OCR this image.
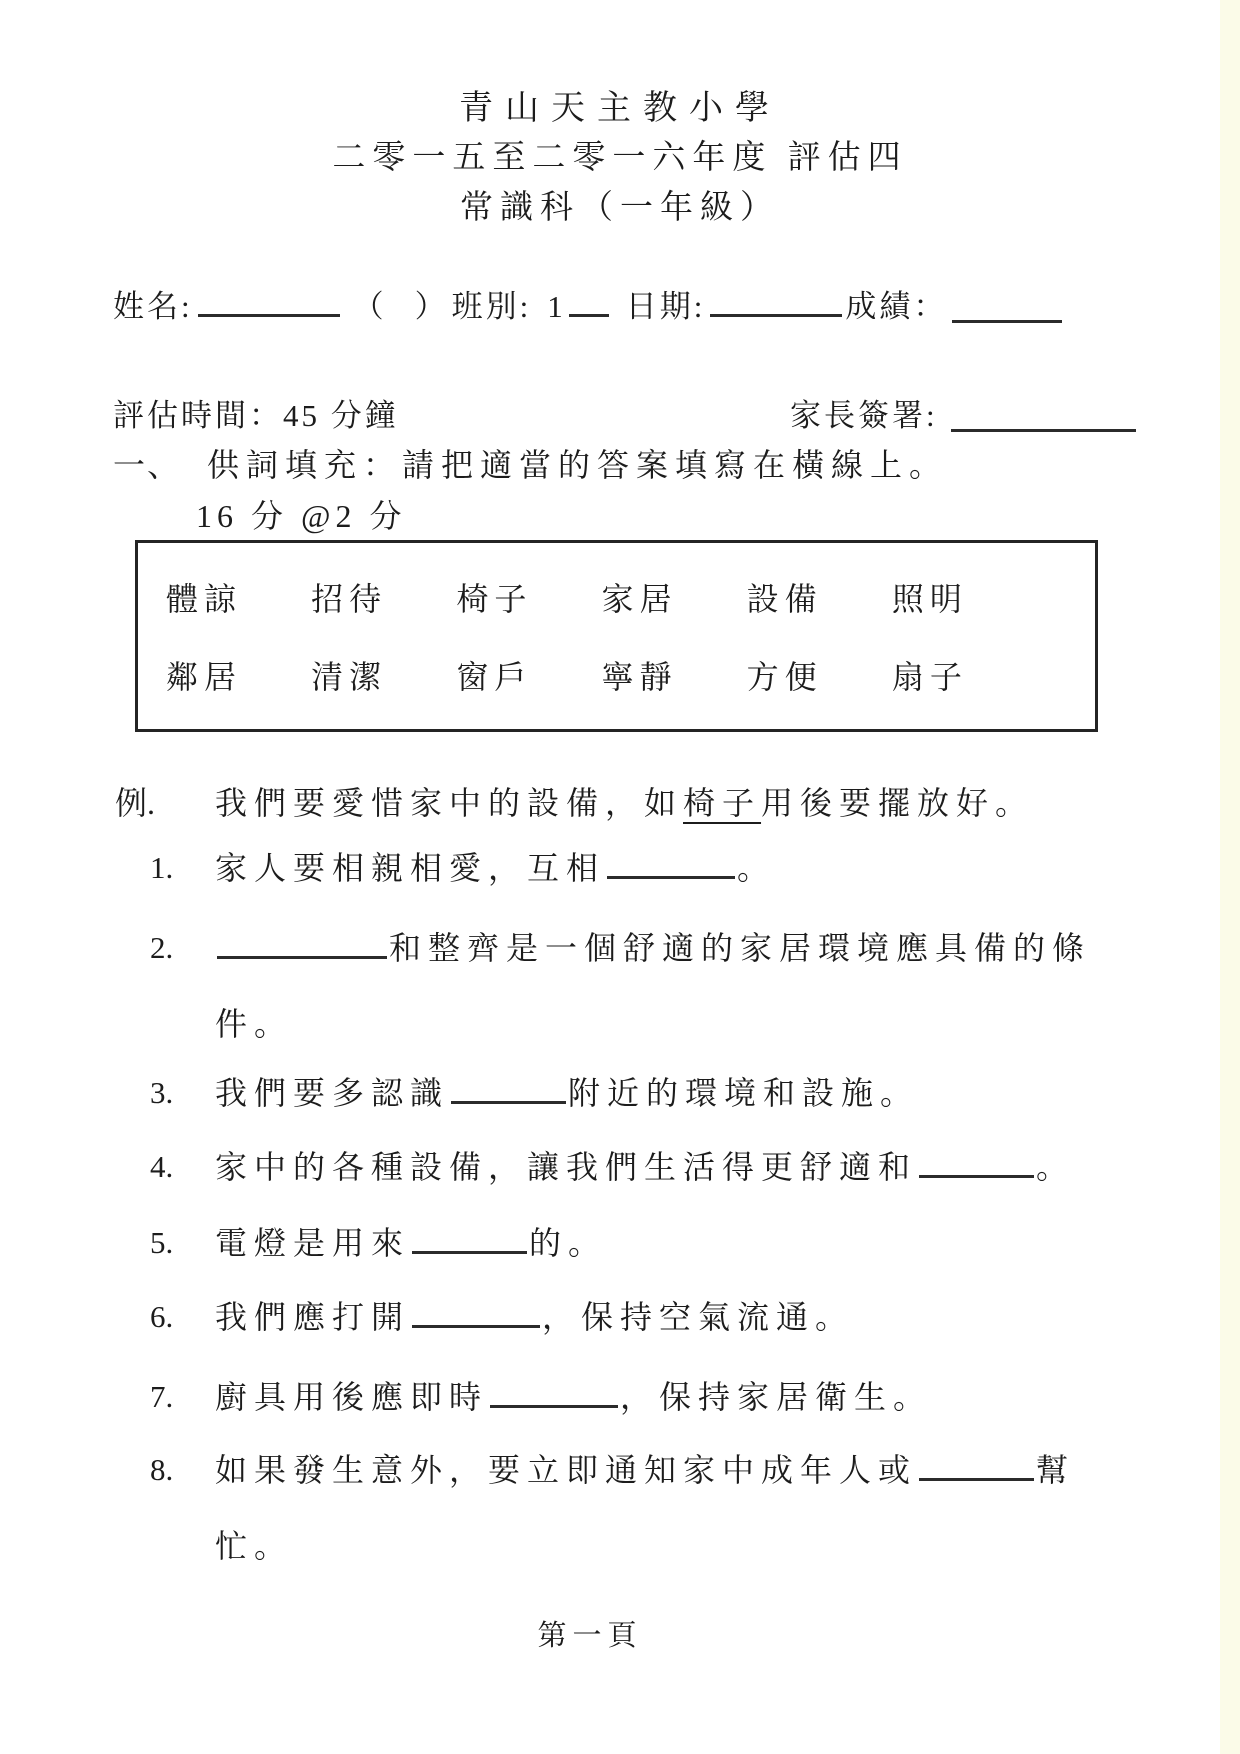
青山天主教小學
二零一五至二零一六年度 評估四
常識科（一年級）
姓名:	（　） 班別: 1 日期:	成績：
評估時間：45 分鐘	家長簽署:
一、 供詞填充：請把適當的答案填寫在橫線上。
16 分 @2 分
體諒	招待	椅子	家居	設備	照明
鄰居	清潔	窗戶	寧靜	方便	扇子
例.	我們要愛惜家中的設備，如椅子用後要擺放好。
1.	家人要相親相愛，互相	。
2.	和整齊是一個舒適的家居環境應具備的條件。
3.	我們要多認識	附近的環境和設施。
4.	家中的各種設備，讓我們生活得更舒適和	。
5.	電燈是用來	的。
6.	我們應打開	，保持空氣流通。
7.	廚具用後應即時	，保持家居衛生。
8.	如果發生意外，要立即通知家中成年人或	幫忙。
第一頁
